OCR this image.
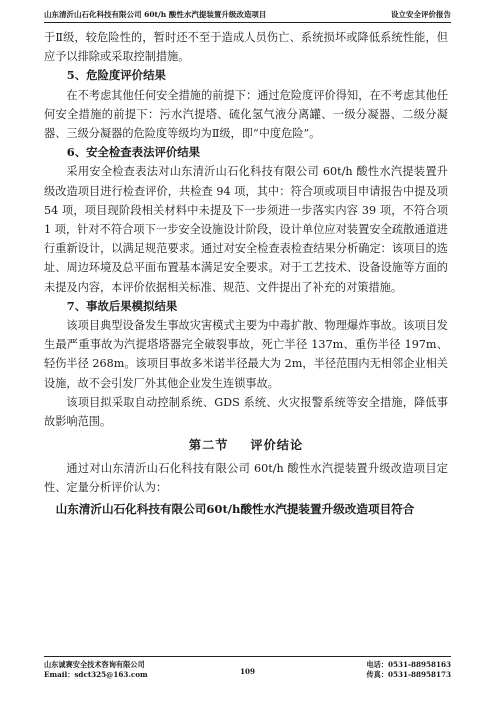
山东清沂山石化科技有限公司 60t/h 酸性水汽提装置升级改造项目	设立安全评价报告

于Ⅱ级，较危险性的，暂时还不至于造成人员伤亡、系统损坏或降低系统性能，但应予以排除或采取控制措施。

5、危险度评价结果

在不考虑其他任何安全措施的前提下：通过危险度评价得知，在不考虑其他任何安全措施的前提下：污水汽提塔、硫化氢气液分离罐、一级分凝器、二级分凝器、三级分凝器的危险度等级均为Ⅱ级，即“中度危险”。

6、安全检查表法评价结果

采用安全检查表法对山东清沂山石化科技有限公司 60t/h 酸性水汽提装置升级改造项目进行检查评价，共检查 94 项，其中：符合项或项目申请报告中提及项 54 项，项目现阶段相关材料中未提及下一步须进一步落实内容 39 项，不符合项 1 项，针对不符合项下一步安全设施设计阶段，设计单位应对装置安全疏散通道进行重新设计，以满足规范要求。通过对安全检查表检查结果分析确定：该项目的选址、周边环境及总平面布置基本满足安全要求。对于工艺技术、设备设施等方面的未提及内容，本评价依据相关标准、规范、文件提出了补充的对策措施。

7、事故后果模拟结果

该项目典型设备发生事故灾害模式主要为中毒扩散、物理爆炸事故。该项目发生最严重事故为汽提塔塔器完全破裂事故，死亡半径 137m、重伤半径 197m、轻伤半径 268m。该项目事故多米诺半径最大为 2m，半径范围内无相邻企业相关设施，故不会引发厂外其他企业发生连锁事故。

该项目拟采取自动控制系统、GDS 系统、火灾报警系统等安全措施，降低事故影响范围。

第二节 评价结论

通过对山东清沂山石化科技有限公司 60t/h 酸性水汽提装置升级改造项目定性、定量分析评价认为：

山东清沂山石化科技有限公司60t/h酸性水汽提装置升级改造项目符合

山东诚赛安全技术咨询有限公司	电话：0531-88958163
Email：sdct325@163.com	传真：0531-88958173
109
